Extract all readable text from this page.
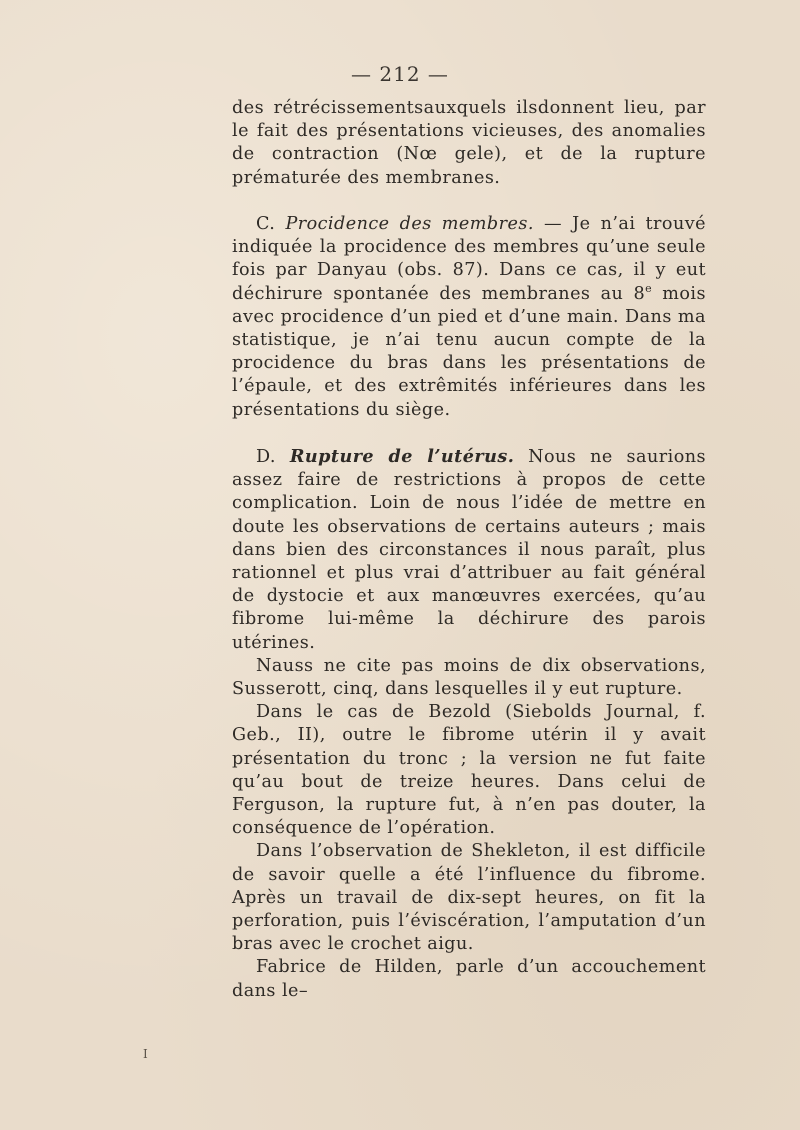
— 212 —

des rétrécissementsauxquels ilsdonnent lieu, par le fait des présentations vicieuses, des anomalies de contraction (Nœ gele), et de la rupture prématurée des membranes.

C. Procidence des membres. — Je n’ai trouvé indiquée la procidence des membres qu’une seule fois par Danyau (obs. 87). Dans ce cas, il y eut déchirure spontanée des membranes au 8e mois avec procidence d’un pied et d’une main. Dans ma statistique, je n’ai tenu aucun compte de la procidence du bras dans les présentations de l’épaule, et des extrêmités inférieures dans les présentations du siège.

D. Rupture de l’utérus. Nous ne saurions assez faire de restrictions à propos de cette complication. Loin de nous l’idée de mettre en doute les observations de certains auteurs ; mais dans bien des circonstances il nous paraît, plus rationnel et plus vrai d’attribuer au fait général de dystocie et aux manœuvres exercées, qu’au fibrome lui-même la déchirure des parois utérines.

Nauss ne cite pas moins de dix observations, Susserott, cinq, dans lesquelles il y eut rupture.

Dans le cas de Bezold (Siebolds Journal, f. Geb., II), outre le fibrome utérin il y avait présentation du tronc ; la version ne fut faite qu’au bout de treize heures. Dans celui de Ferguson, la rupture fut, à n’en pas douter, la conséquence de l’opération.

Dans l’observation de Shekleton, il est difficile de savoir quelle a été l’influence du fibrome. Après un travail de dix-sept heures, on fit la perforation, puis l’éviscération, l’amputation d’un bras avec le crochet aigu.

Fabrice de Hilden, parle d’un accouchement dans le–

I
